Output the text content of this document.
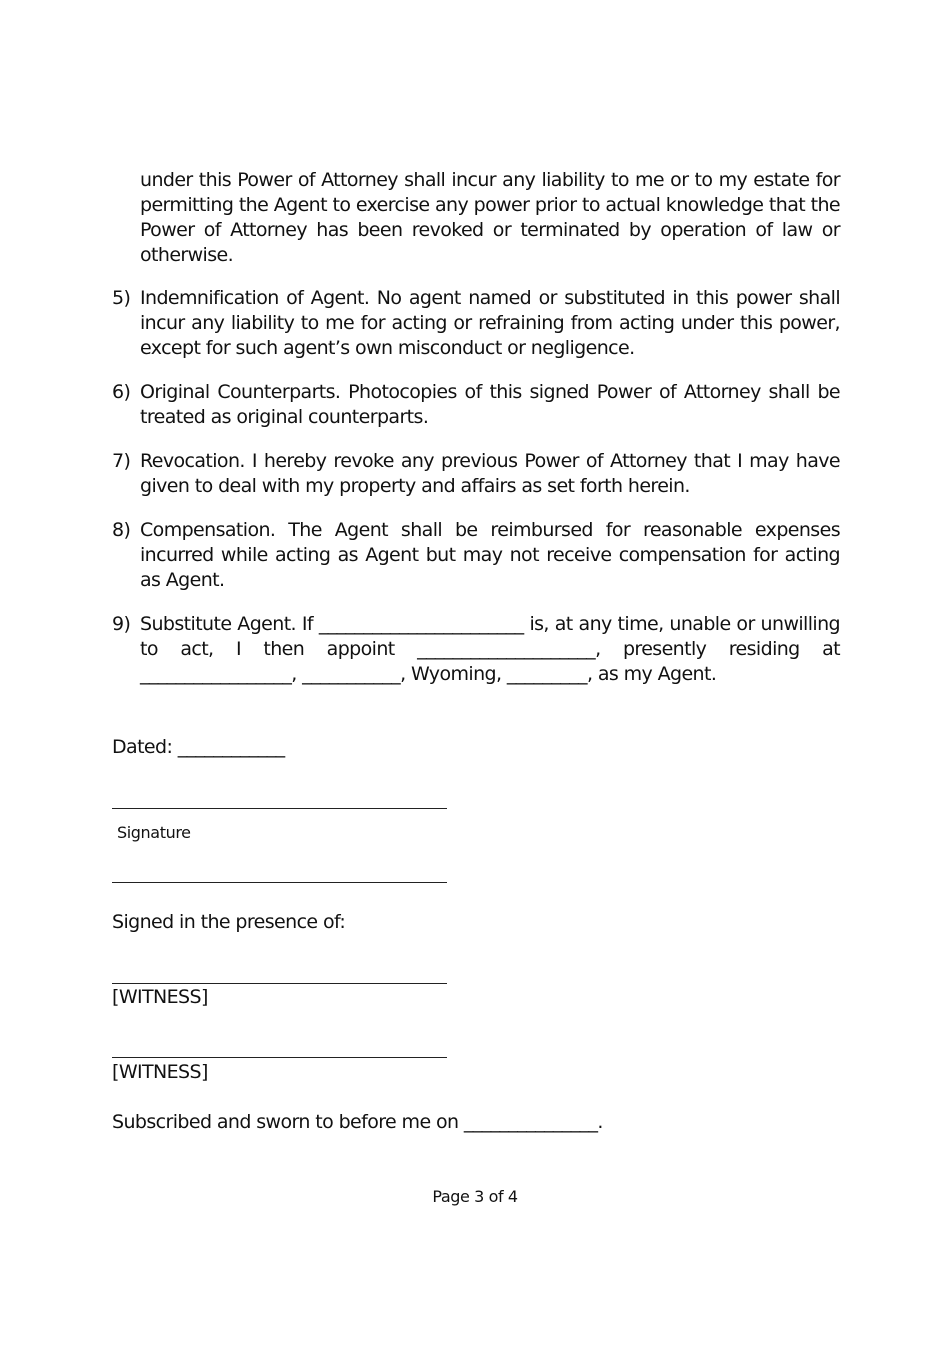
under this Power of Attorney shall incur any liability to me or to my estate for permitting the Agent to exercise any power prior to actual knowledge that the Power of Attorney has been revoked or terminated by operation of law or otherwise.

5) Indemnification of Agent. No agent named or substituted in this power shall incur any liability to me for acting or refraining from acting under this power, except for such agent’s own misconduct or negligence.
6) Original Counterparts. Photocopies of this signed Power of Attorney shall be treated as original counterparts.
7) Revocation. I hereby revoke any previous Power of Attorney that I may have given to deal with my property and affairs as set forth herein.
8) Compensation. The Agent shall be reimbursed for reasonable expenses incurred while acting as Agent but may not receive compensation for acting as Agent.
9) Substitute Agent. If _______________________ is, at any time, unable or unwilling to act, I then appoint ____________________, presently residing at _________________, ___________, Wyoming, _________, as my Agent.
Dated: ____________
Signature
Signed in the presence of:
[WITNESS]
[WITNESS]
Subscribed and sworn to before me on _______________.
Page 3 of 4
